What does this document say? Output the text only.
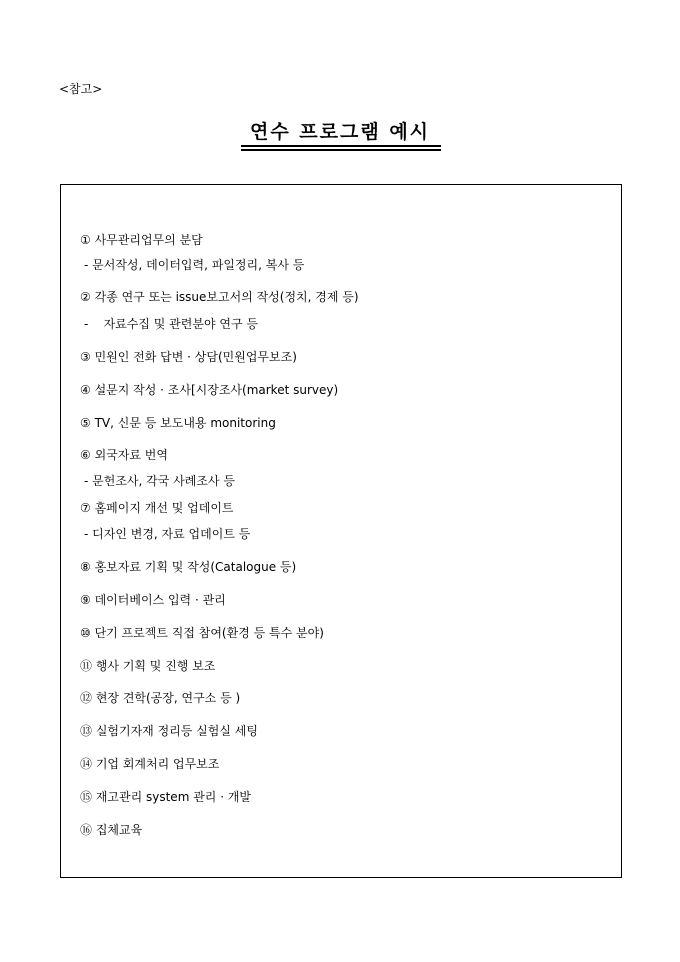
<참고>
연수 프로그램 예시
① 사무관리업무의 분담
- 문서작성, 데이터입력, 파일정리, 복사 등
② 각종 연구 또는 issue보고서의 작성(정치, 경제 등)
-    자료수집 및 관련분야 연구 등
③ 민원인 전화 답변 · 상담(민원업무보조)
④ 설문지 작성 · 조사[시장조사(market survey)
⑤ TV, 신문 등 보도내용 monitoring
⑥ 외국자료 번역
- 문헌조사, 각국 사례조사 등
⑦ 홈페이지 개선 및 업데이트
- 디자인 변경, 자료 업데이트 등
⑧ 홍보자료 기획 및 작성(Catalogue 등)
⑨ 데이터베이스 입력 · 관리
⑩ 단기 프로젝트 직접 참여(환경 등 특수 분야)
⑪ 행사 기획 및 진행 보조
⑫ 현장 견학(공장, 연구소 등 )
⑬ 실험기자재 정리등 실험실 세팅
⑭ 기업 회계처리 업무보조
⑮ 재고관리 system 관리 · 개발
⑯ 집체교육
